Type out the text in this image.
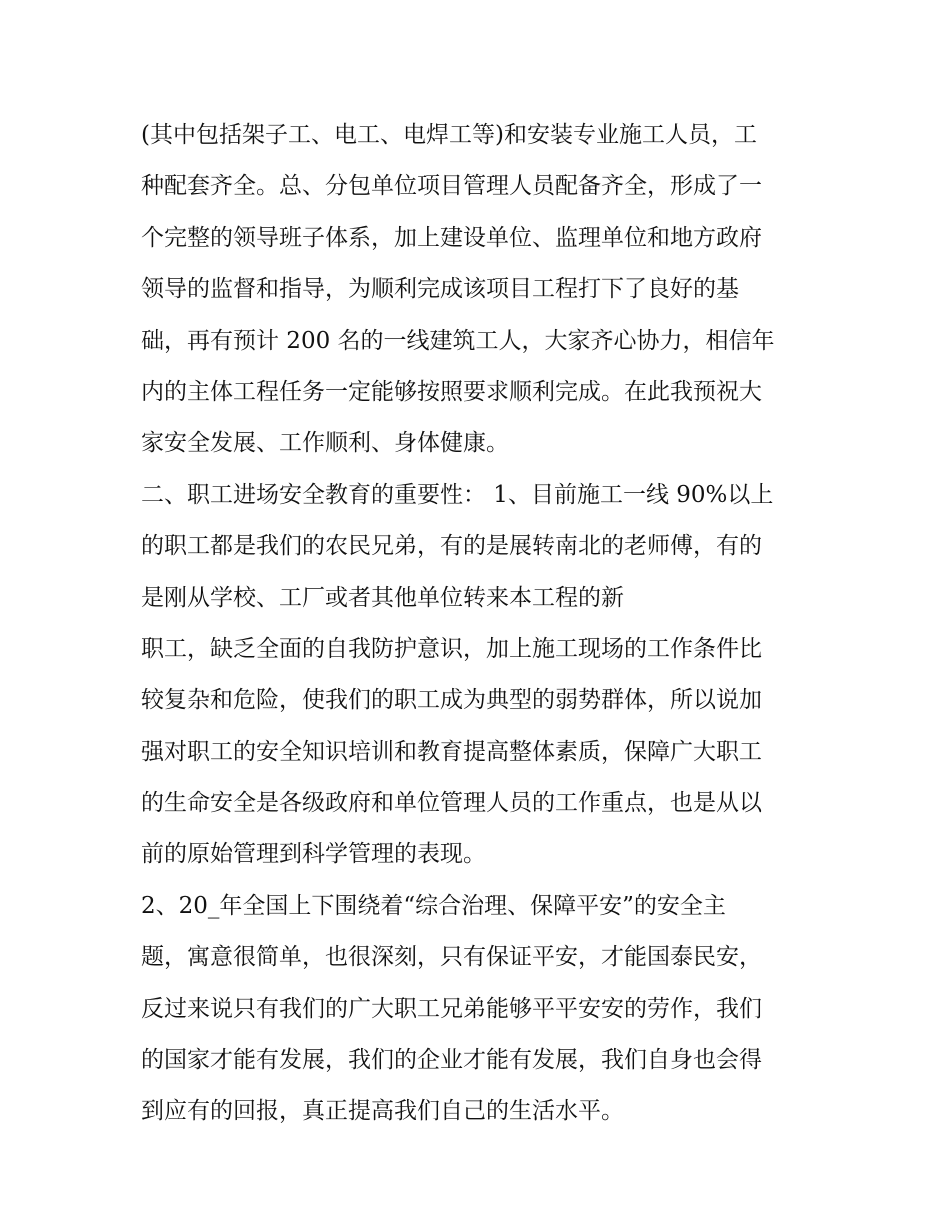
(其中包括架子工、电工、电焊工等)和安装专业施工人员，工

种配套齐全。总、分包单位项目管理人员配备齐全，形成了一

个完整的领导班子体系，加上建设单位、监理单位和地方政府

领导的监督和指导，为顺利完成该项目工程打下了良好的基

础，再有预计 200 名的一线建筑工人，大家齐心协力，相信年

内的主体工程任务一定能够按照要求顺利完成。在此我预祝大

家安全发展、工作顺利、身体健康。

二、职工进场安全教育的重要性： 1、目前施工一线 90%以上

的职工都是我们的农民兄弟，有的是展转南北的老师傅，有的

是刚从学校、工厂或者其他单位转来本工程的新

职工，缺乏全面的自我防护意识，加上施工现场的工作条件比

较复杂和危险，使我们的职工成为典型的弱势群体，所以说加

强对职工的安全知识培训和教育提高整体素质，保障广大职工

的生命安全是各级政府和单位管理人员的工作重点，也是从以

前的原始管理到科学管理的表现。

2、20_年全国上下围绕着“综合治理、保障平安”的安全主

题，寓意很简单，也很深刻，只有保证平安，才能国泰民安，

反过来说只有我们的广大职工兄弟能够平平安安的劳作，我们

的国家才能有发展，我们的企业才能有发展，我们自身也会得

到应有的回报，真正提高我们自己的生活水平。
